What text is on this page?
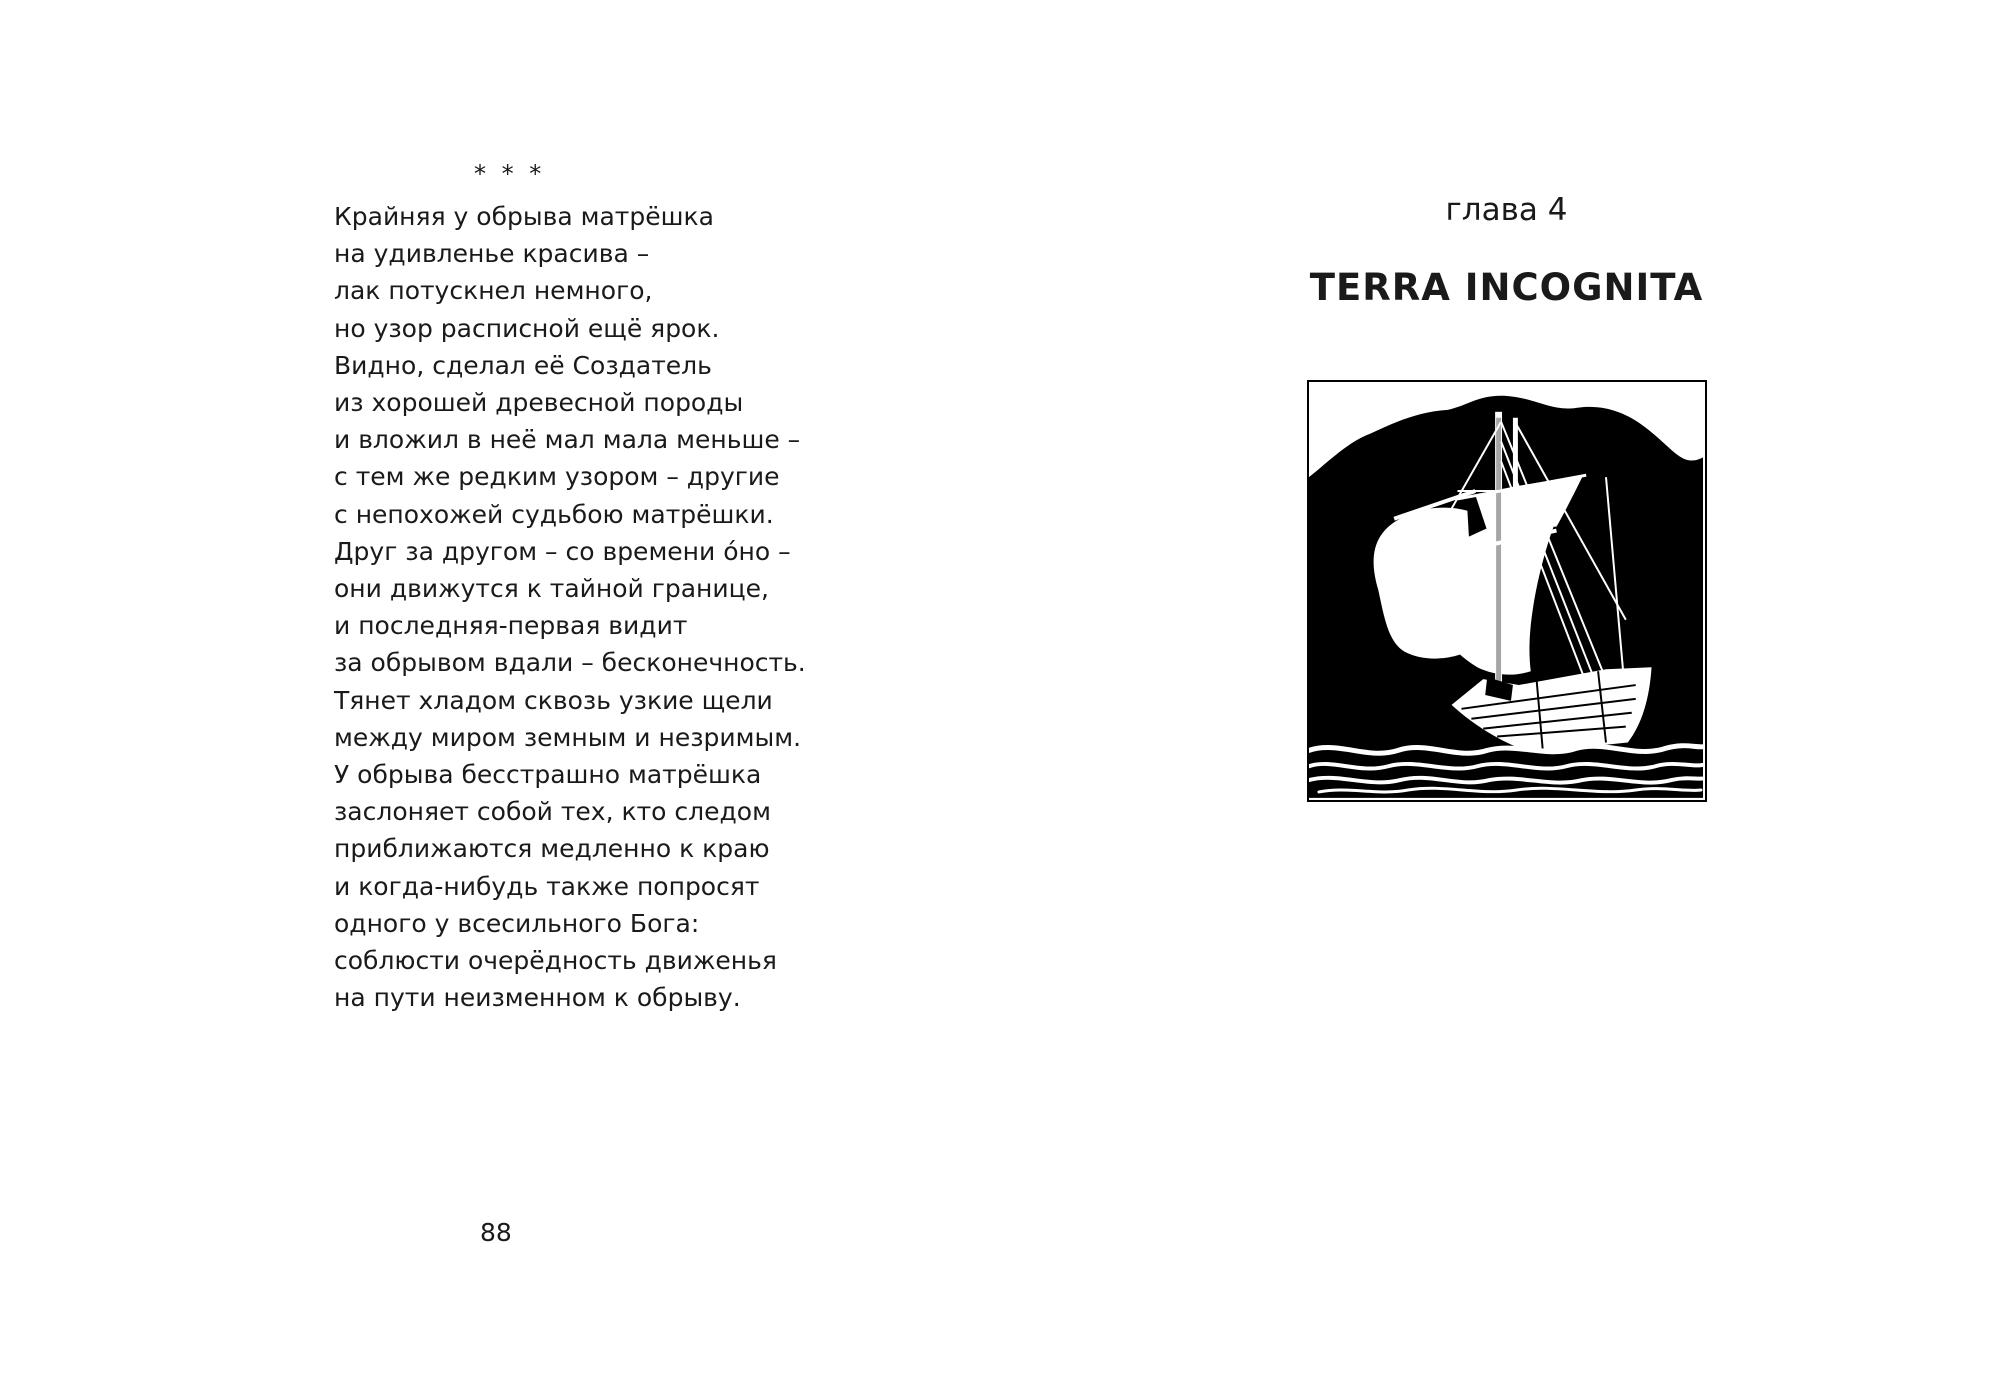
* * *
Крайняя у обрыва матрёшка
на удивленье красива –
лак потускнел немного,
но узор расписной ещё ярок.
Видно, сделал её Создатель
из хорошей древесной породы
и вложил в неё мал мала меньше –
с тем же редким узором – другие
с непохожей судьбою матрёшки.
Друг за другом – со времени о́но –
они движутся к тайной границе,
и последняя-первая видит
за обрывом вдали – бесконечность.
Тянет хладом сквозь узкие щели
между миром земным и незримым.
У обрыва бесстрашно матрёшка
заслоняет собой тех, кто следом
приближаются медленно к краю
и когда-нибудь также попросят
одного у всесильного Бога:
соблюсти очерёдность движенья
на пути неизменном к обрыву.
88
глава 4
TERRA INCOGNITA
